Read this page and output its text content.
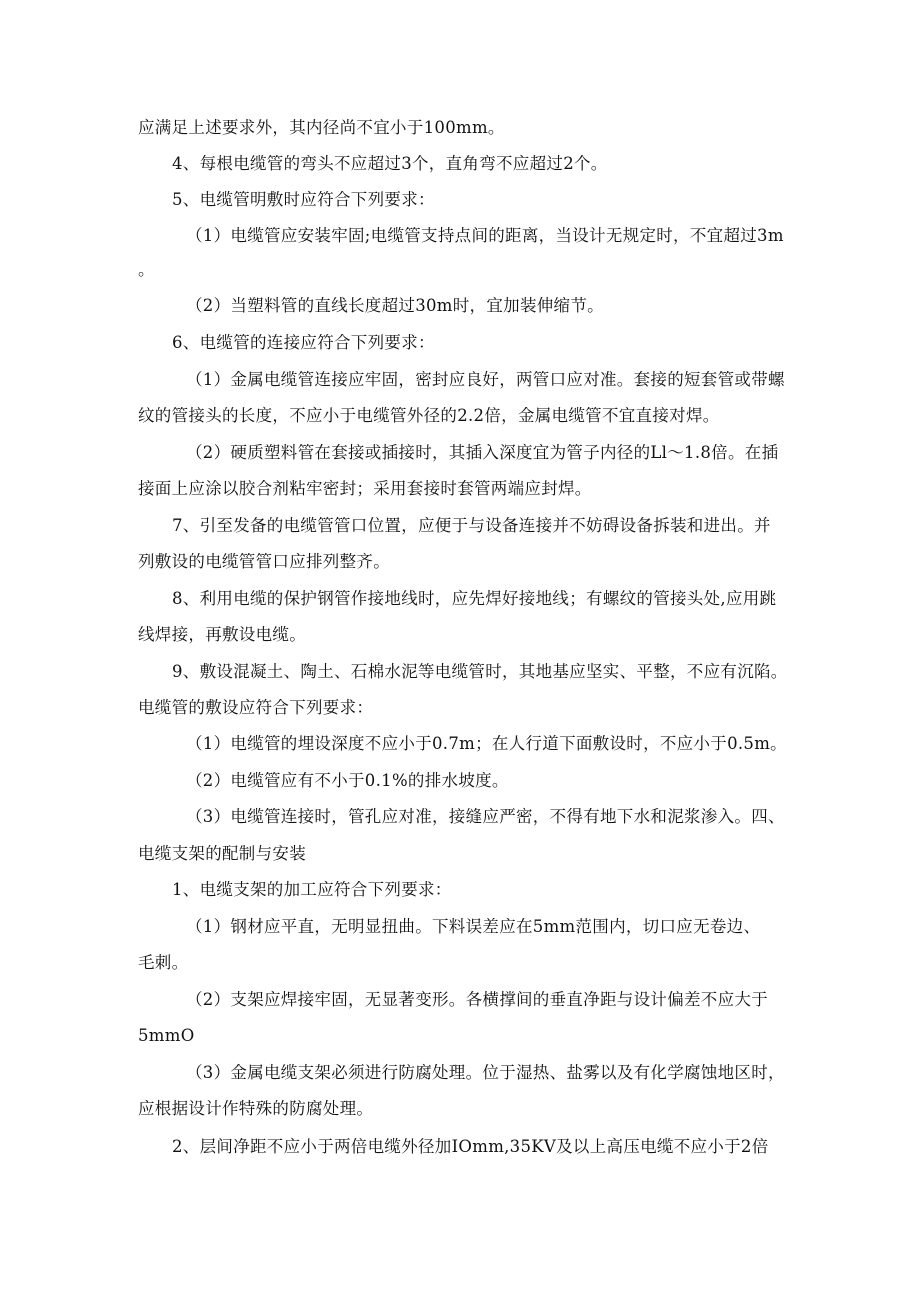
应满足上述要求外，其内径尚不宜小于100mm。
4、每根电缆管的弯头不应超过3个，直角弯不应超过2个。
5、电缆管明敷时应符合下列要求：
（1）电缆管应安装牢固;电缆管支持点间的距离，当设计无规定时，不宜超过3m
。
（2）当塑料管的直线长度超过30m时，宜加装伸缩节。
6、电缆管的连接应符合下列要求：
（1）金属电缆管连接应牢固，密封应良好，两管口应对准。套接的短套管或带螺
纹的管接头的长度，不应小于电缆管外径的2.2倍，金属电缆管不宜直接对焊。
（2）硬质塑料管在套接或插接时，其插入深度宜为管子内径的Ll～1.8倍。在插
接面上应涂以胶合剂粘牢密封；采用套接时套管两端应封焊。
7、引至发备的电缆管管口位置，应便于与设备连接并不妨碍设备拆装和进出。并
列敷设的电缆管管口应排列整齐。
8、利用电缆的保护钢管作接地线时，应先焊好接地线；有螺纹的管接头处,应用跳
线焊接，再敷设电缆。
9、敷设混凝土、陶土、石棉水泥等电缆管时，其地基应坚实、平整，不应有沉陷。
电缆管的敷设应符合下列要求：
（1）电缆管的埋设深度不应小于0.7m；在人行道下面敷设时，不应小于0.5m。
（2）电缆管应有不小于0.1%的排水坡度。
（3）电缆管连接时，管孔应对准，接缝应严密，不得有地下水和泥浆渗入。四、
电缆支架的配制与安装
1、电缆支架的加工应符合下列要求：
（1）钢材应平直，无明显扭曲。下料误差应在5mm范围内，切口应无卷边、
毛刺。
（2）支架应焊接牢固，无显著变形。各横撑间的垂直净距与设计偏差不应大于
5mmO
（3）金属电缆支架必须进行防腐处理。位于湿热、盐雾以及有化学腐蚀地区时，
应根据设计作特殊的防腐处理。
2、层间净距不应小于两倍电缆外径加IOmm,35KV及以上高压电缆不应小于2倍
